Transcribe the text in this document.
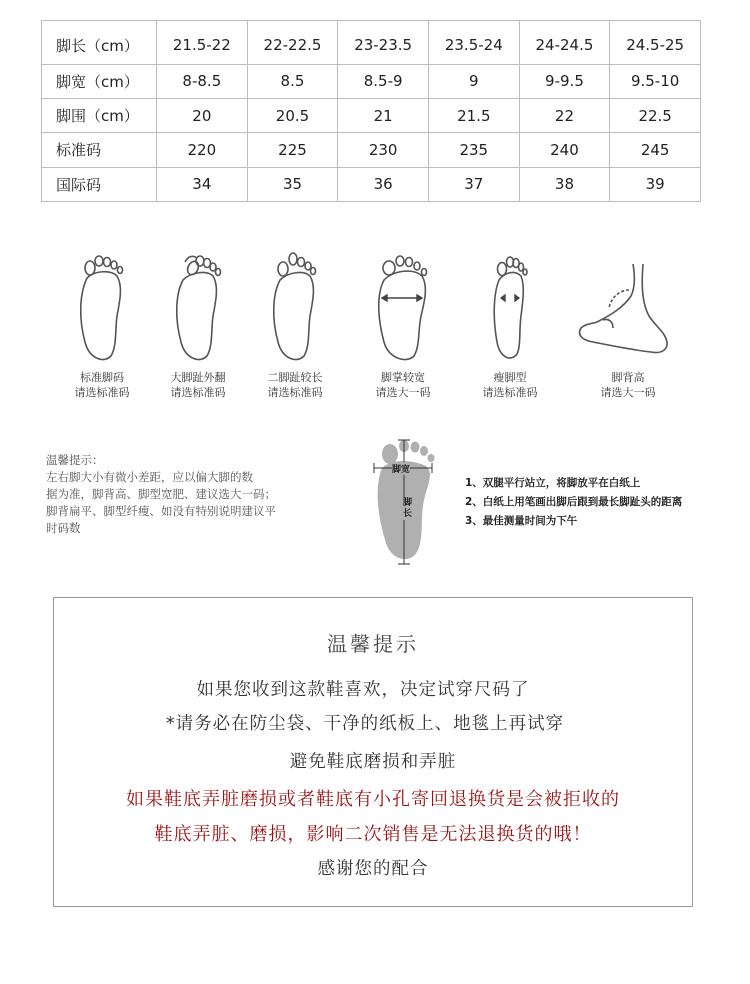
脚长（cm）	21.5-22	22-22.5	23-23.5	23.5-24	24-24.5	24.5-25
脚宽（cm）	8-8.5	8.5	8.5-9	9	9-9.5	9.5-10
脚围（cm）	20	20.5	21	21.5	22	22.5
标准码	220	225	230	235	240	245
国际码	34	35	36	37	38	39
标准脚码
请选标准码
大脚趾外翻
请选标准码
二脚趾较长
请选标准码
脚掌较宽
请选大一码
瘦脚型
请选标准码
脚背高
请选大一码
温馨提示：
左右脚大小有微小差距，应以偏大脚的数
据为准，脚背高、脚型宽肥、建议选大一码；
脚背扁平、脚型纤瘦、如没有特别说明建议平
时码数
脚宽
脚长
1、双腿平行站立，将脚放平在白纸上
2、白纸上用笔画出脚后跟到最长脚趾头的距离
3、最佳测量时间为下午
温馨提示
如果您收到这款鞋喜欢，决定试穿尺码了
*请务必在防尘袋、干净的纸板上、地毯上再试穿
避免鞋底磨损和弄脏
如果鞋底弄脏磨损或者鞋底有小孔寄回退换货是会被拒收的
鞋底弄脏、磨损，影响二次销售是无法退换货的哦！
感谢您的配合
